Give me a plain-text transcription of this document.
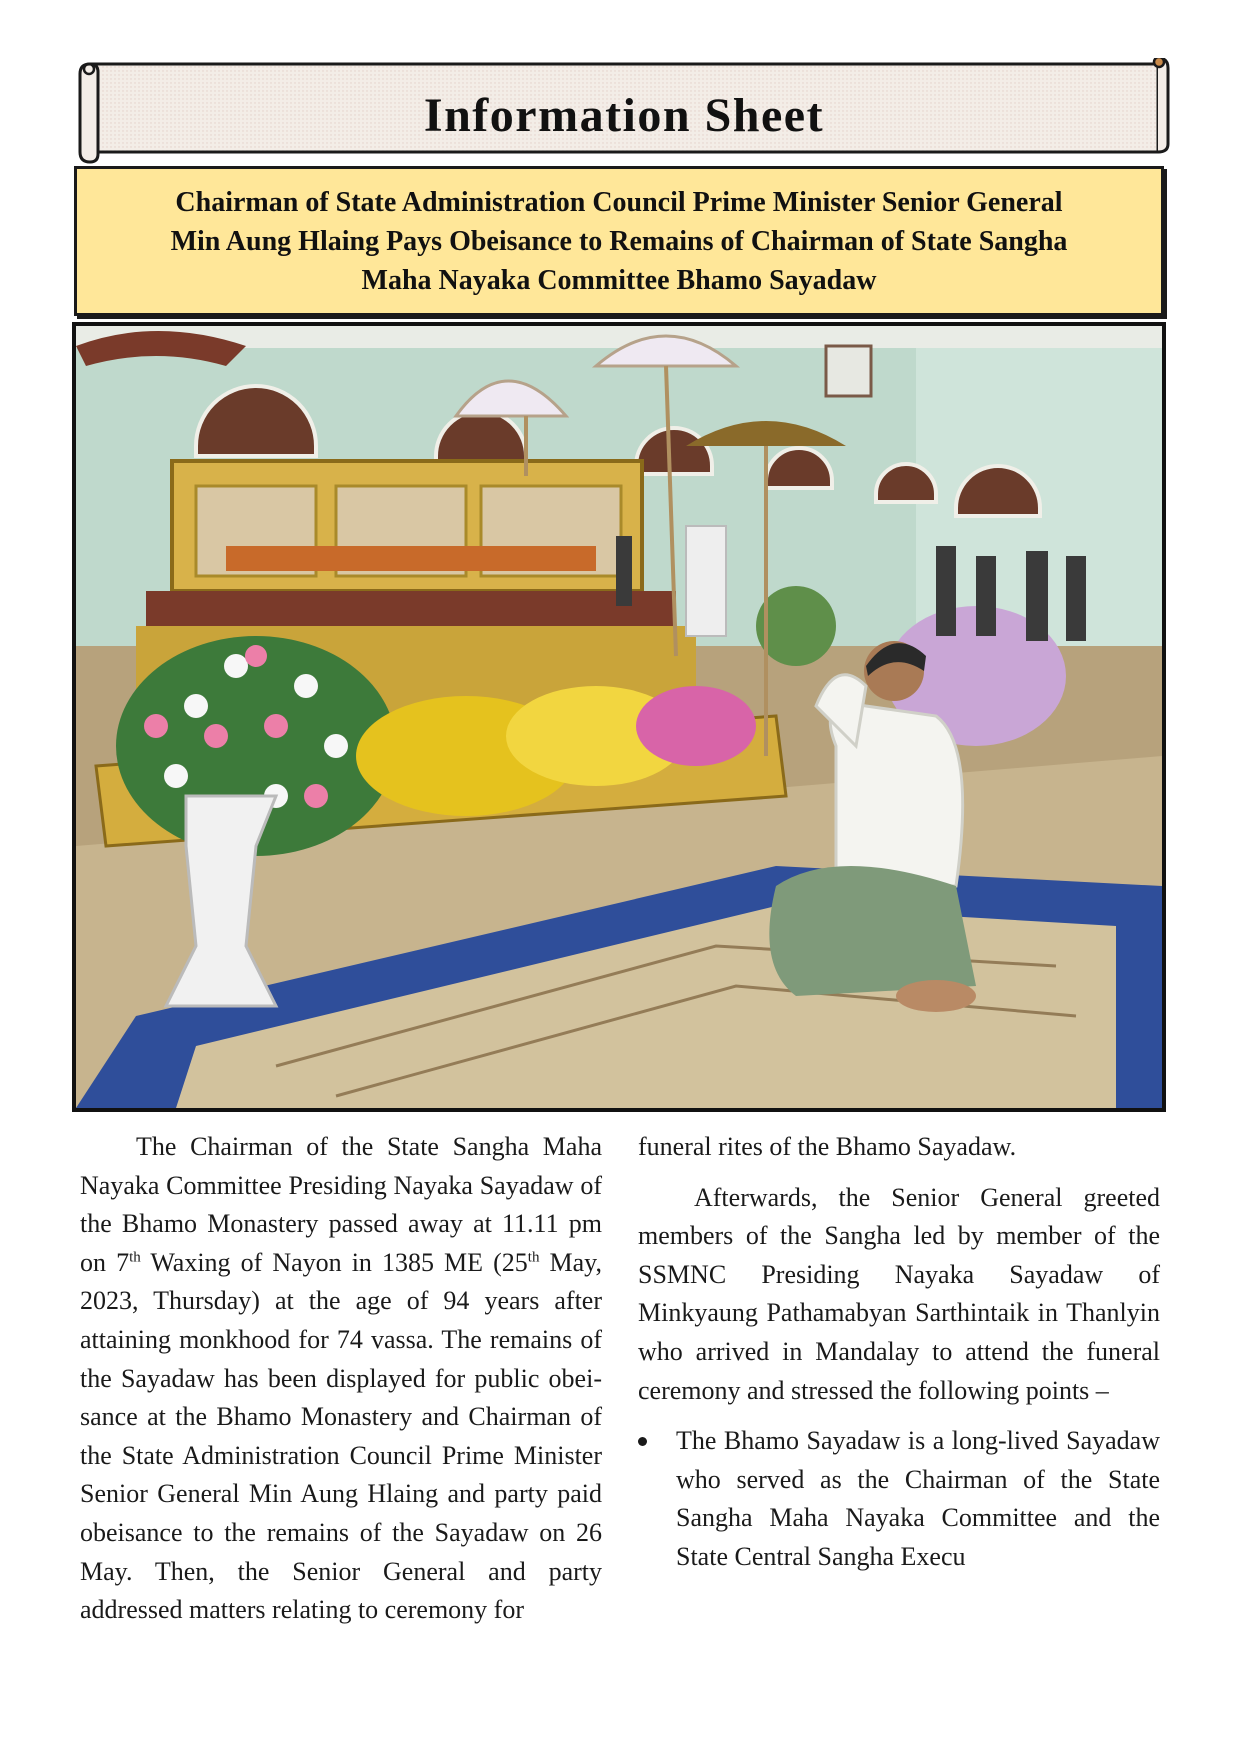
Information Sheet
Chairman of State Administration Council Prime Minister Senior General
Min Aung Hlaing Pays Obeisance to Remains of Chairman of State Sangha
Maha Nayaka Committee Bhamo Sayadaw

The Chairman of the State Sangha Maha Nayaka Committee Presiding Nayaka Sayadaw of the Bhamo Monastery passed away at 11.11 pm on 7th Waxing of Nayon in 1385 ME (25th May, 2023, Thursday) at the age of 94 years after attaining monkhood for 74 vassa. The remains of the Sayadaw has been displayed for public obeisance at the Bhamo Monastery and Chairman of the State Administration Council Prime Minister Senior General Min Aung Hlaing and party paid obeisance to the remains of the Sayadaw on 26 May. Then, the Senior General and party addressed matters relating to ceremony for

funeral rites of the Bhamo Sayadaw.

Afterwards, the Senior General greeted members of the Sangha led by member of the SSMNC Presiding Nayaka Sayadaw of Minkyaung Pathamabyan Sarthintaik in Thanlyin who arrived in Mandalay to attend the funeral ceremony and stressed the following points –

The Bhamo Sayadaw is a long-lived Sayadaw who served as the Chairman of the State Sangha Maha Nayaka Committee and the State Central Sangha Execu
